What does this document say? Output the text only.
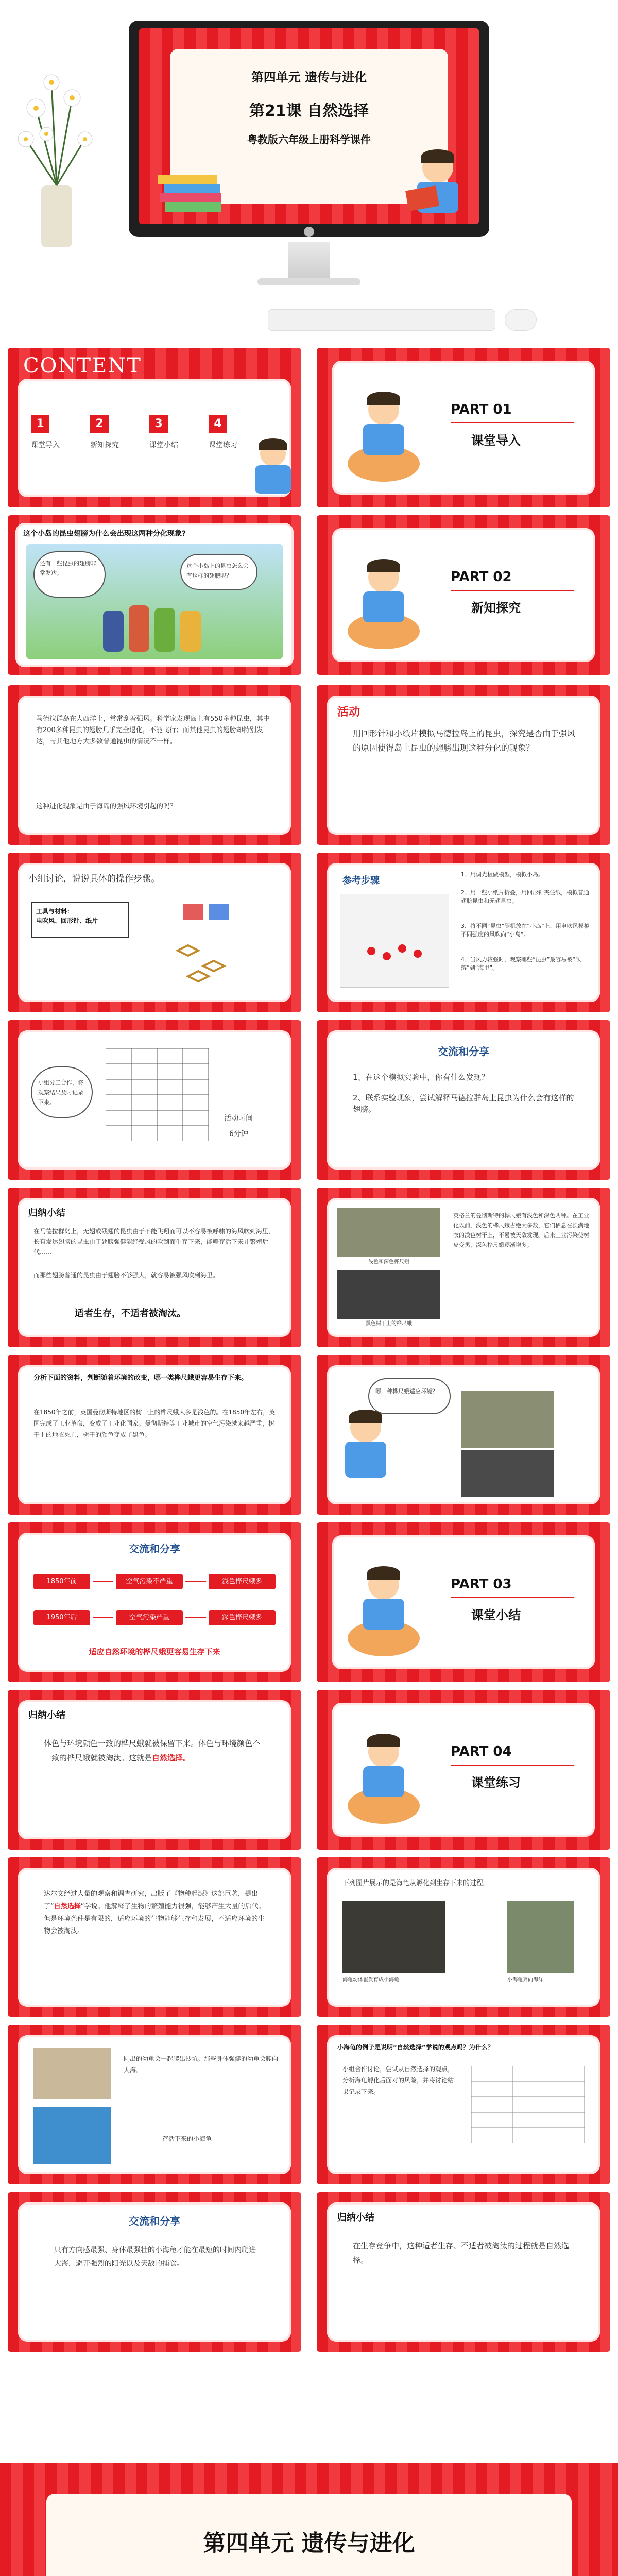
第四单元 遗传与进化
第21课 自然选择
粤教版六年级上册科学课件
CONTENT
1
课堂导入
2
新知探究
3
课堂小结
4
课堂练习
PART 01
课堂导入
这个小岛的昆虫翅膀为什么会出现这两种分化现象?
还有一些昆虫的翅膀非常发达。
这个小岛上的昆虫怎么会有这样的翅膀呢？	PART 02
新知探究
马德拉群岛在大西洋上，常常刮着强风。科学家发现岛上有550多种昆虫，其中有200多种昆虫的翅膀几乎完全退化，不能飞行；而其他昆虫的翅膀却特别发达，与其他地方大多数普通昆虫的情况不一样。
这种进化现象是由于海岛的强风环境引起的吗？
活动
用回形针和小纸片模拟马德拉岛上的昆虫，探究是否由于强风的原因使得岛上昆虫的翅膀出现这种分化的现象？
小组讨论，说说具体的操作步骤。
工具与材料：
电吹风、回形针、纸片
参考步骤
1、用调光板做模型，模拟小岛。
2、用一些小纸片折叠，用回形针夹住纸，模拟普通翅膀昆虫和无翅昆虫。
3、将不同“昆虫”随机放在“小岛”上，用电吹风模拟不同强度的风吹向“小岛”。
4、当风力较强时，观察哪些“昆虫”最容易被“吹落”到“海里”。
小组分工合作，将观察结果及时记录下来。
活动时间
6分钟
交流和分享
1、在这个模拟实验中，你有什么发现？
2、联系实验现象，尝试解释马德拉群岛上昆虫为什么会有这样的翅膀。
归纳小结
在马德拉群岛上，无翅或残翅的昆虫由于不能飞翔而可以不容易被呼啸的海风吹到海里，长有发达翅膀的昆虫由于翅膀强健能经受风的吹刮而生存下来，能够存活下来并繁殖后代……
而那些翅膀普通的昆虫由于翅膀不够强大，就容易被强风吹到海里。
适者生存，不适者被淘汰。
浅色和深色桦尺蛾
黑色树干上的桦尺蛾
英格兰的曼彻斯特的桦尺蛾有浅色和深色两种。在工业化以前，浅色的桦尺蛾占绝大多数，它们栖息在长满地衣的浅色树干上，不易被天敌发现。后来工业污染使树皮变黑，深色桦尺蛾逐渐增多。
分析下面的资料，判断随着环境的改变，哪一类桦尺蛾更容易生存下来。
在1850年之前，英国曼彻斯特地区的树干上的桦尺蛾大多是浅色的。在1850年左右，英国完成了工业革命，变成了工业化国家。曼彻斯特等工业城市的空气污染越来越严重，树干上的地衣死亡，树干的颜色变成了黑色。
哪一种桦尺蛾适应环境？
交流和分享
1850年前	空气污染不严重	浅色桦尺蛾多
1950年后	空气污染严重	深色桦尺蛾多
适应自然环境的桦尺蛾更容易生存下来
PART 03
课堂小结
归纳小结
体色与环境颜色一致的桦尺蛾就被保留下来。体色与环境颜色不一致的桦尺蛾就被淘汰。这就是自然选择。	PART 04
课堂练习
达尔文经过大量的观察和调查研究，出版了《物种起源》这部巨著，提出了“自然选择”学说。他解释了生物的繁殖能力很强，能够产生大量的后代。但是环境条件是有限的，适应环境的生物能够生存和发展，不适应环境的生物会被淘汰。
下列图片展示的是海龟从孵化到生存下来的过程。
海龟幼体蛋发育成小海龟	小海龟奔向海洋
刚出的幼龟会一起爬出沙坑。那些身体强健的幼龟会爬向大海。
存活下来的小海龟
小海龟的例子是说明“自然选择”学说的观点吗？为什么？
小组合作讨论，尝试从自然选择的观点，分析海龟孵化后面对的风险，并将讨论结果记录下来。
交流和分享
只有方向感最强、身体最强壮的小海龟才能在最短的时间内爬进大海，避开强烈的阳光以及天敌的捕食。
归纳小结
在生存竞争中，这种适者生存、不适者被淘汰的过程就是自然选择。
第四单元 遗传与进化
